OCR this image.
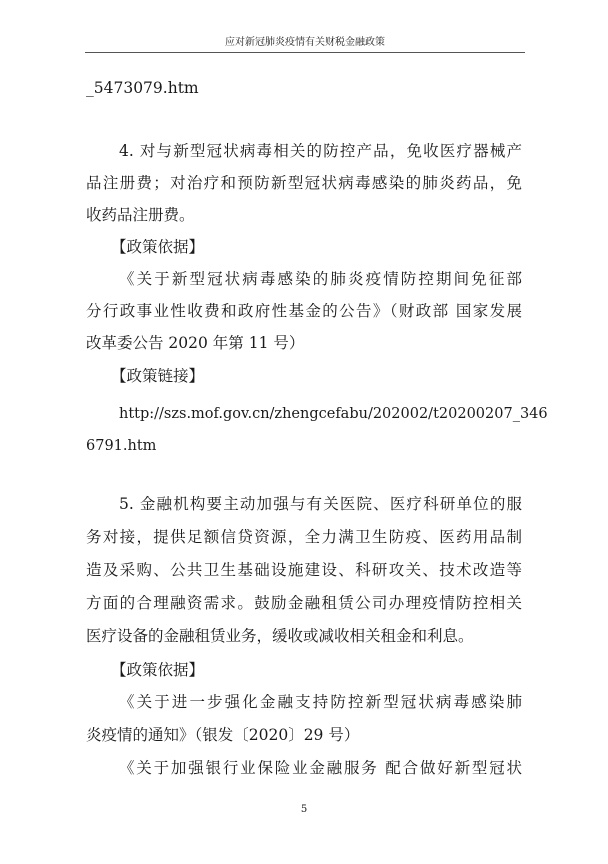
应对新冠肺炎疫情有关财税金融政策
_5473079.htm
4. 对与新型冠状病毒相关的防控产品，免收医疗器械产
品注册费；对治疗和预防新型冠状病毒感染的肺炎药品，免
收药品注册费。
【政策依据】
《关于新型冠状病毒感染的肺炎疫情防控期间免征部
分行政事业性收费和政府性基金的公告》（财政部 国家发展
改革委公告 2020 年第 11 号）
【政策链接】
http://szs.mof.gov.cn/zhengcefabu/202002/t20200207_346
6791.htm
5. 金融机构要主动加强与有关医院、医疗科研单位的服
务对接，提供足额信贷资源，全力满卫生防疫、医药用品制
造及采购、公共卫生基础设施建设、科研攻关、技术改造等
方面的合理融资需求。鼓励金融租赁公司办理疫情防控相关
医疗设备的金融租赁业务，缓收或减收相关租金和利息。
【政策依据】
《关于进一步强化金融支持防控新型冠状病毒感染肺
炎疫情的通知》（银发〔2020〕29 号）
《关于加强银行业保险业金融服务 配合做好新型冠状
5
